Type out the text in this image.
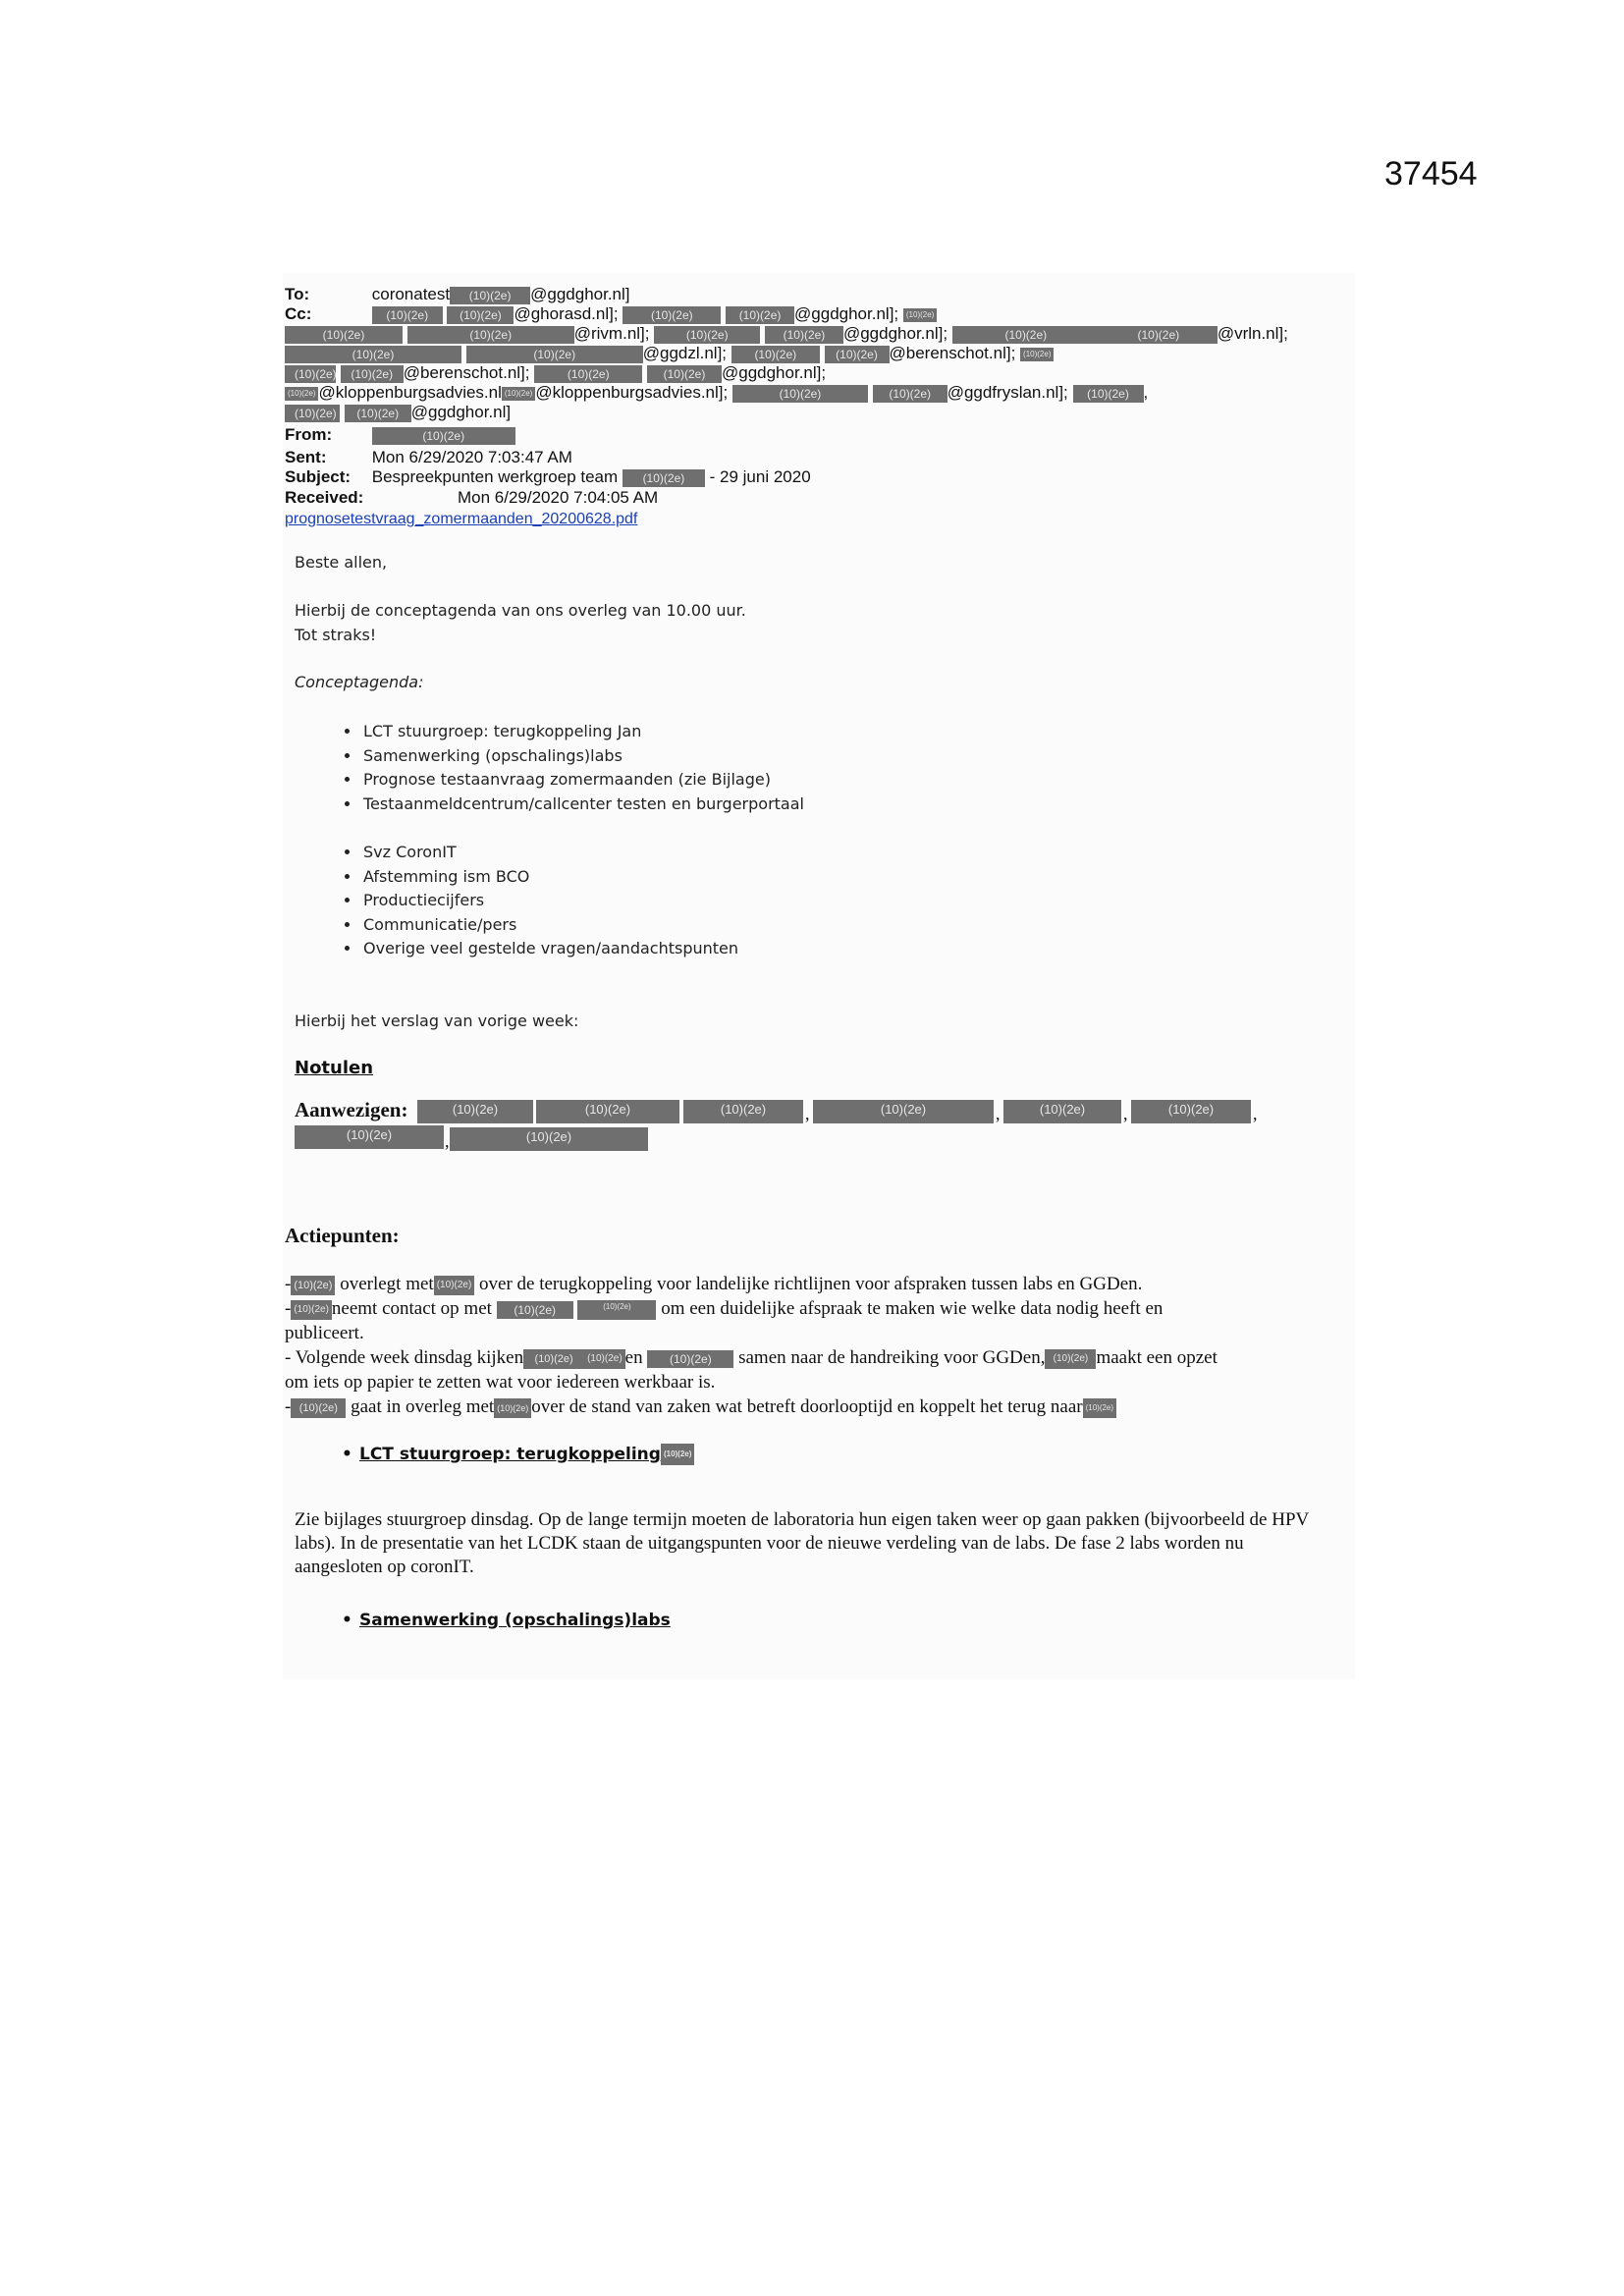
37454
To:	coronatest (10)(2e) @ggdghor.nl]
Cc:	(10)(2e)	(10)(2e) @ghorasd.nl];	(10)(2e)	(10)(2e) @ggdghor.nl]; (10)(2e)
(10)(2e)	(10)(2e)	@rivm.nl];	(10)(2e)	(10)(2e) @ggdghor.nl];	(10)(2e)	(10)(2e) @vrln.nl];
(10)(2e)	(10)(2e)	@ggdzl.nl]; (10)(2e)	(10)(2e) @berenschot.nl]; (10)(2e)
(10)(2e) (10)(2e) @berenschot.nl];	(10)(2e)	(10)(2e) @ggdghor.nl];
(10)(2e) @kloppenburgsadvies.nl (10)(2e) @kloppenburgsadvies.nl];	(10)(2e)	(10)(2e) @ggdfryslan.nl]; (10)(2e) ,
(10)(2e) (10)(2e) @ggdghor.nl]
From:	(10)(2e)
Sent:	Mon 6/29/2020 7:03:47 AM
Subject: Bespreekpunten werkgroep team (10)(2e) - 29 juni 2020
Received:	Mon 6/29/2020 7:04:05 AM
prognosetestvraag_zomermaanden_20200628.pdf
Beste allen,
Hierbij de conceptagenda van ons overleg van 10.00 uur.
Tot straks!
Conceptagenda:
• LCT stuurgroep: terugkoppeling Jan
• Samenwerking (opschalings)labs
• Prognose testaanvraag zomermaanden (zie Bijlage)
• Testaanmeldcentrum/callcenter testen en burgerportaal
• Svz CoronIT
• Afstemming ism BCO
• Productiecijfers
• Communicatie/pers
• Overige veel gestelde vragen/aandachtspunten
Hierbij het verslag van vorige week:
Notulen
Aanwezigen:	(10)(2e)	(10)(2e)	(10)(2e)	,	(10)(2e)	,	(10)(2e)	,	(10)(2e)	,
(10)(2e)	,	(10)(2e)
Actiepunten:
- (10)(2e) overlegt met (10)(2e) over de terugkoppeling voor landelijke richtlijnen voor afspraken tussen labs en GGDen.
- (10)(2e) neemt contact op met (10)(2e)	(10)(2e) om een duidelijke afspraak te maken wie welke data nodig heeft en
publiceert.
- Volgende week dinsdag kijken (10)(2e) (10)(2e) en (10)(2e) samen naar de handreiking voor GGDen, (10)(2e) maakt een opzet
om iets op papier te zetten wat voor iedereen werkbaar is.
- (10)(2e) gaat in overleg met (10)(2e) over de stand van zaken wat betreft doorlooptijd en koppelt het terug naar (10)(2e)
• LCT stuurgroep: terugkoppeling (10)(2e)
Zie bijlages stuurgroep dinsdag. Op de lange termijn moeten de laboratoria hun eigen taken weer op gaan pakken (bijvoorbeeld de HPV labs). In de presentatie van het LCDK staan de uitgangspunten voor de nieuwe verdeling van de labs. De fase 2 labs worden nu aangesloten op coronIT.
• Samenwerking (opschalings)labs
